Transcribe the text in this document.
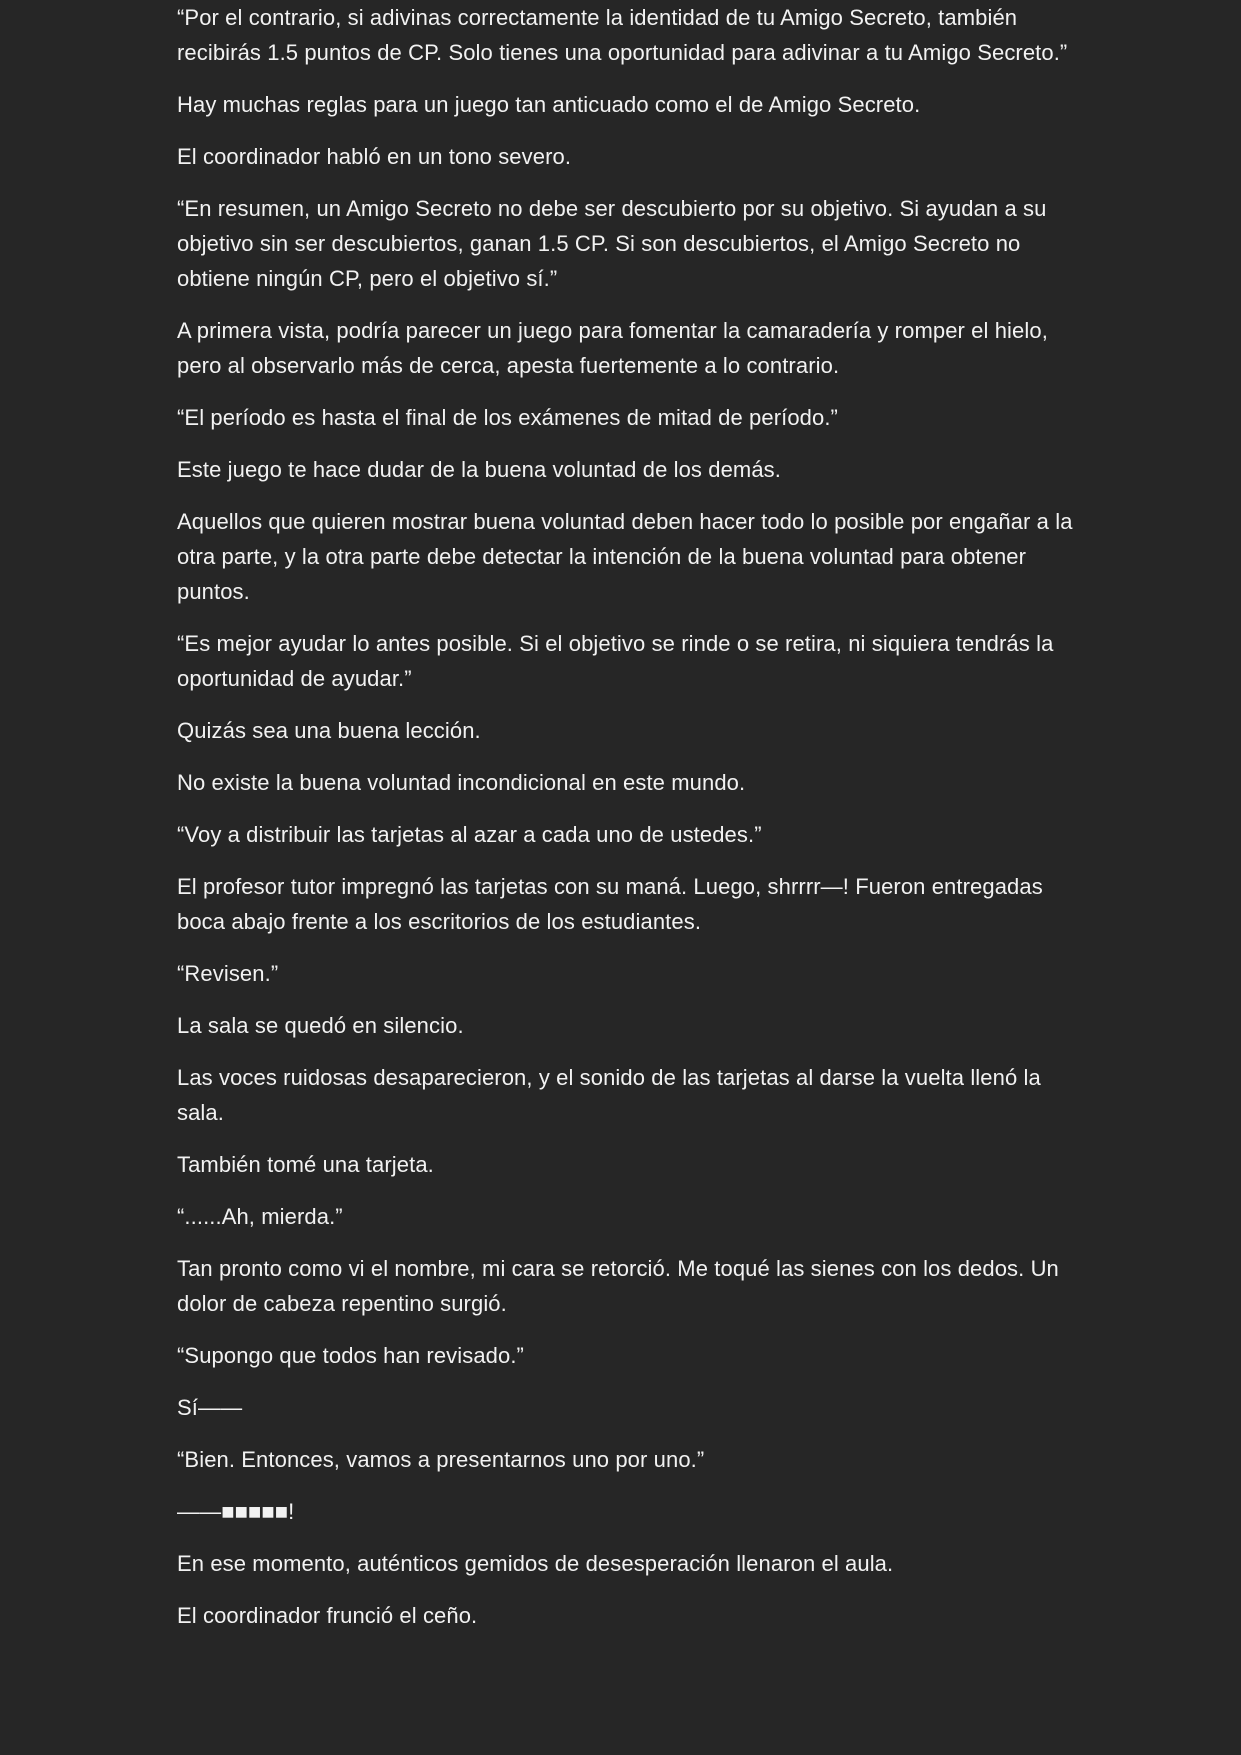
“Por el contrario, si adivinas correctamente la identidad de tu Amigo Secreto, también recibirás 1.5 puntos de CP. Solo tienes una oportunidad para adivinar a tu Amigo Secreto.”

Hay muchas reglas para un juego tan anticuado como el de Amigo Secreto.

El coordinador habló en un tono severo.

“En resumen, un Amigo Secreto no debe ser descubierto por su objetivo. Si ayudan a su objetivo sin ser descubiertos, ganan 1.5 CP. Si son descubiertos, el Amigo Secreto no obtiene ningún CP, pero el objetivo sí.”

A primera vista, podría parecer un juego para fomentar la camaradería y romper el hielo, pero al observarlo más de cerca, apesta fuertemente a lo contrario.

“El período es hasta el final de los exámenes de mitad de período.”

Este juego te hace dudar de la buena voluntad de los demás.

Aquellos que quieren mostrar buena voluntad deben hacer todo lo posible por engañar a la otra parte, y la otra parte debe detectar la intención de la buena voluntad para obtener puntos.

“Es mejor ayudar lo antes posible. Si el objetivo se rinde o se retira, ni siquiera tendrás la oportunidad de ayudar.”

Quizás sea una buena lección.

No existe la buena voluntad incondicional en este mundo.

“Voy a distribuir las tarjetas al azar a cada uno de ustedes.”

El profesor tutor impregnó las tarjetas con su maná. Luego, shrrrr—! Fueron entregadas boca abajo frente a los escritorios de los estudiantes.

“Revisen.”

La sala se quedó en silencio.

Las voces ruidosas desaparecieron, y el sonido de las tarjetas al darse la vuelta llenó la sala.

También tomé una tarjeta.

“......Ah, mierda.”

Tan pronto como vi el nombre, mi cara se retorció. Me toqué las sienes con los dedos. Un dolor de cabeza repentino surgió.

“Supongo que todos han revisado.”

Sí——

“Bien. Entonces, vamos a presentarnos uno por uno.”

——■■■■■!

En ese momento, auténticos gemidos de desesperación llenaron el aula.

El coordinador frunció el ceño.
